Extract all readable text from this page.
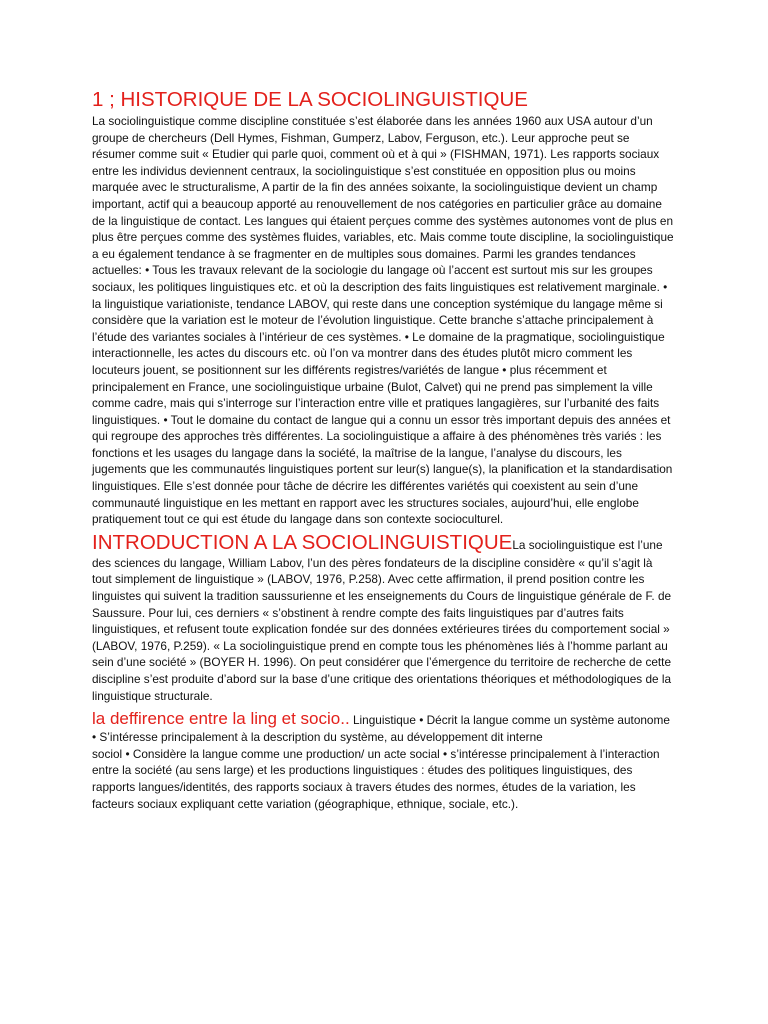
1 ; HISTORIQUE DE LA SOCIOLINGUISTIQUE

La sociolinguistique comme discipline constituée s’est élaborée dans les années 1960 aux USA autour d’un groupe de chercheurs (Dell Hymes, Fishman, Gumperz, Labov, Ferguson, etc.). Leur approche peut se résumer comme suit « Etudier qui parle quoi, comment où et à qui » (FISHMAN, 1971). Les rapports sociaux entre les individus deviennent centraux, la sociolinguistique s’est constituée en opposition plus ou moins marquée avec le structuralisme, A partir de la fin des années soixante, la sociolinguistique devient un champ important, actif qui a beaucoup apporté au renouvellement de nos catégories en particulier grâce au domaine de la linguistique de contact. Les langues qui étaient perçues comme des systèmes autonomes vont de plus en plus être perçues comme des systèmes fluides, variables, etc. Mais comme toute discipline, la sociolinguistique a eu également tendance à se fragmenter en de multiples sous domaines. Parmi les grandes tendances actuelles: • Tous les travaux relevant de la sociologie du langage où l’accent est surtout mis sur les groupes sociaux, les politiques linguistiques etc. et où la description des faits linguistiques est relativement marginale. • la linguistique variationiste, tendance LABOV, qui reste dans une conception systémique du langage même si considère que la variation est le moteur de l’évolution linguistique. Cette branche s’attache principalement à l’étude des variantes sociales à l’intérieur de ces systèmes. • Le domaine de la pragmatique, sociolinguistique interactionnelle, les actes du discours etc. où l’on va montrer dans des études plutôt micro comment les locuteurs jouent, se positionnent sur les différents registres/variétés de langue • plus récemment et principalement en France, une sociolinguistique urbaine (Bulot, Calvet) qui ne prend pas simplement la ville comme cadre, mais qui s’interroge sur l’interaction entre ville et pratiques langagières, sur l’urbanité des faits linguistiques. • Tout le domaine du contact de langue qui a connu un essor très important depuis des années et qui regroupe des approches très différentes. La sociolinguistique a affaire à des phénomènes très variés : les fonctions et les usages du langage dans la société, la maîtrise de la langue, l’analyse du discours, les jugements que les communautés linguistiques portent sur leur(s) langue(s), la planification et la standardisation linguistiques. Elle s’est donnée pour tâche de décrire les différentes variétés qui coexistent au sein d’une communauté linguistique en les mettant en rapport avec les structures sociales, aujourd’hui, elle englobe pratiquement tout ce qui est étude du langage dans son contexte socioculturel.

INTRODUCTION A LA SOCIOLINGUISTIQUELa sociolinguistique est l’une des sciences du langage, William Labov, l’un des pères fondateurs de la discipline considère « qu’il s’agit là tout simplement de linguistique » (LABOV, 1976, P.258). Avec cette affirmation, il prend position contre les linguistes qui suivent la tradition saussurienne et les enseignements du Cours de linguistique générale de F. de Saussure. Pour lui, ces derniers « s’obstinent à rendre compte des faits linguistiques par d’autres faits linguistiques, et refusent toute explication fondée sur des données extérieures tirées du comportement social » (LABOV, 1976, P.259). « La sociolinguistique prend en compte tous les phénomènes liés à l’homme parlant au sein d’une société » (BOYER H. 1996). On peut considérer que l’émergence du territoire de recherche de cette discipline s’est produite d’abord sur la base d’une critique des orientations théoriques et méthodologiques de la linguistique structurale.

la deffirence entre la ling et socio.. Linguistique • Décrit la langue comme un système autonome • S’intéresse principalement à la description du système, au développement dit interne
sociol • Considère la langue comme une production/ un acte social • s’intéresse principalement à l’interaction entre la société (au sens large) et les productions linguistiques : études des politiques linguistiques, des rapports langues/identités, des rapports sociaux à travers études des normes, études de la variation, les facteurs sociaux expliquant cette variation (géographique, ethnique, sociale, etc.).
